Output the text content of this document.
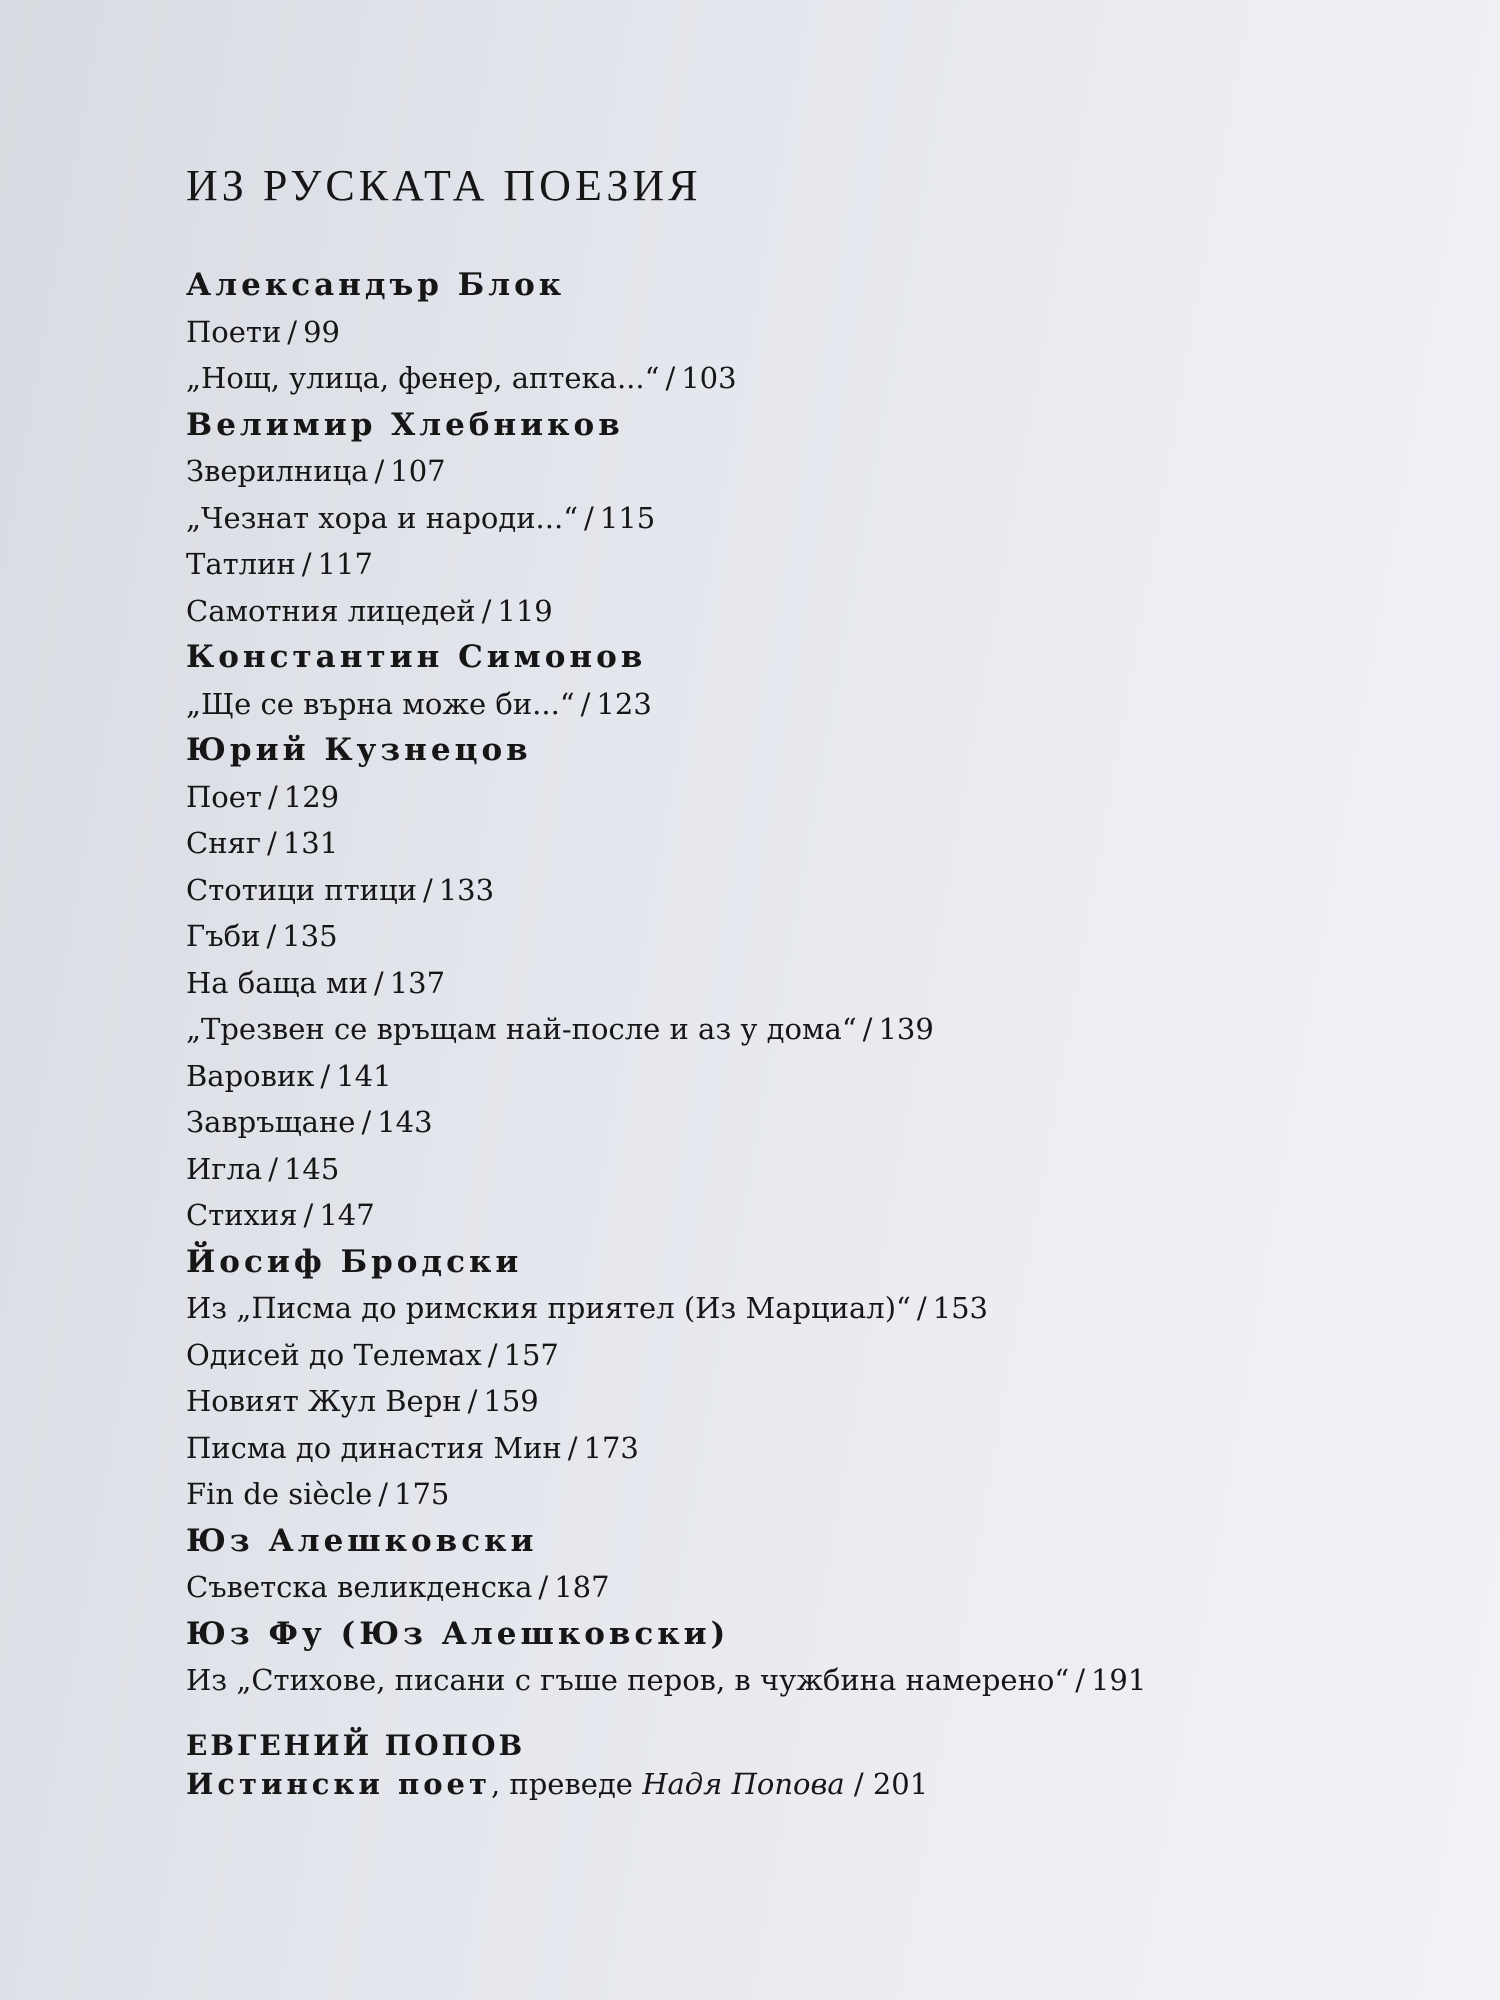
ИЗ РУСКАТА ПОЕЗИЯ
Александър Блок
Поети / 99
„Нощ, улица, фенер, аптека...“ / 103
Велимир Хлебников
Зверилница / 107
„Чезнат хора и народи...“ / 115
Татлин / 117
Самотния лицедей / 119
Константин Симонов
„Ще се върна може би...“ / 123
Юрий Кузнецов
Поет / 129
Сняг / 131
Стотици птици / 133
Гъби / 135
На баща ми / 137
„Трезвен се връщам най-после и аз у дома“ / 139
Варовик / 141
Завръщане / 143
Игла / 145
Стихия / 147
Йосиф Бродски
Из „Писма до римския приятел (Из Марциал)“ / 153
Одисей до Телемах / 157
Новият Жул Верн / 159
Писма до династия Мин / 173
Fin de siècle / 175
Юз Алешковски
Съветска великденска / 187
Юз Фу (Юз Алешковски)
Из „Стихове, писани с гъше перов, в чужбина намерено“ / 191
ЕВГЕНИЙ ПОПОВ
Истински поет, преведе Надя Попова / 201
